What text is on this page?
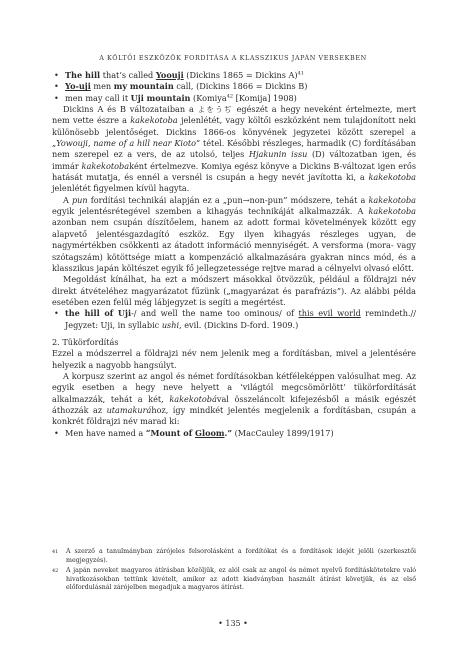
A KÖLTŐI ESZKÖZÖK FORDÍTÁSA A KLASSZIKUS JAPÁN VERSEKBEN
• The hill that’s called Yoouji (Dickins 1865 = Dickins A)$^{41}$
• Yo-uji men my mountain call, (Dickins 1866 = Dickins B)
• men may call it Uji mountain (Komiya$^{42}$ [Komija] 1908)

Dickins A és B változataiban a よをうぢ egészét a hegy neveként értelmezte, mert nem vette észre a kakekotoba jelenlétét, vagy költői eszközként nem tulajdonított neki különösebb jelentőséget. Dickins 1866-os könyvének jegyzetei között szerepel a „Yowouji, name of a hill near Kioto” tétel. Későbbi részleges, harmadik (C) fordításában nem szerepel ez a vers, de az utolsó, teljes Hjakunin issu (D) változatban igen, és immár kakekotobaként értelmezve. Komiya egész könyve a Dickins B-változat igen erős hatását mutatja, és ennél a versnél is csupán a hegy nevét javította ki, a kakekotoba jelenlétét figyelmen kívül hagyta.

A pun fordítási technikái alapján ez a „pun→non-pun” módszere, tehát a kakekotoba egyik jelentésrétegével szemben a kihagyás technikáját alkalmazzák. A kakekotoba azonban nem csupán díszítőelem, hanem az adott formai követelmények között egy alapvető jelentésgazdagító eszköz. Egy ilyen kihagyás részleges ugyan, de nagymértékben csökkenti az átadott információ mennyiségét. A versforma (mora- vagy szótagszám) kötöttsége miatt a kompenzáció alkalmazására gyakran nincs mód, és a klasszikus japán költészet egyik fő jellegzetessége rejtve marad a célnyelvi olvasó előtt.

Megoldást kínálhat, ha ezt a módszert másokkal ötvözzük, például a földrajzi név direkt átvételéhez magyarázatot fűzünk („magyarázat és parafrázis”). Az alábbi példa esetében ezen felül még lábjegyzet is segíti a megértést.

• the hill of Uji-/ and well the name too ominous/ of this evil world remindeth.// Jegyzet: Uji, in syllabic ushi, evil. (Dickins D-ford. 1909.)

2. Tükörfordítás

Ezzel a módszerrel a földrajzi név nem jelenik meg a fordításban, mivel a jelentésére helyezik a nagyobb hangsúlyt.

A korpusz szerint az angol és német fordításokban kétféleképpen valósulhat meg. Az egyik esetben a hegy neve helyett a ‘világtól megcsömörlött’ tükörfordítását alkalmazzák, tehát a két, kakekotobával összeláncolt kifejezésből a másik egészét áthozzák az utamakurához, így mindkét jelentés megjelenik a fordításban, csupán a konkrét földrajzi név marad ki:

• Men have named a “Mount of Gloom.” (MacCauley 1899/1917)

41 A szerző a tanulmányban zárójeles felsorolásként a fordítókat és a fordítások idejét jelöli (szerkesztői megjegyzés).

42 A japán neveket magyaros átírásban közöljük, ez alól csak az angol és német nyelvű fordításkötetekre való hivatkozásokban tettünk kivételt, amikor az adott kiadványban használt átírást követjük, és az első előfordulásnál zárójelben megadjuk a magyaros átírást.

• 135 •
